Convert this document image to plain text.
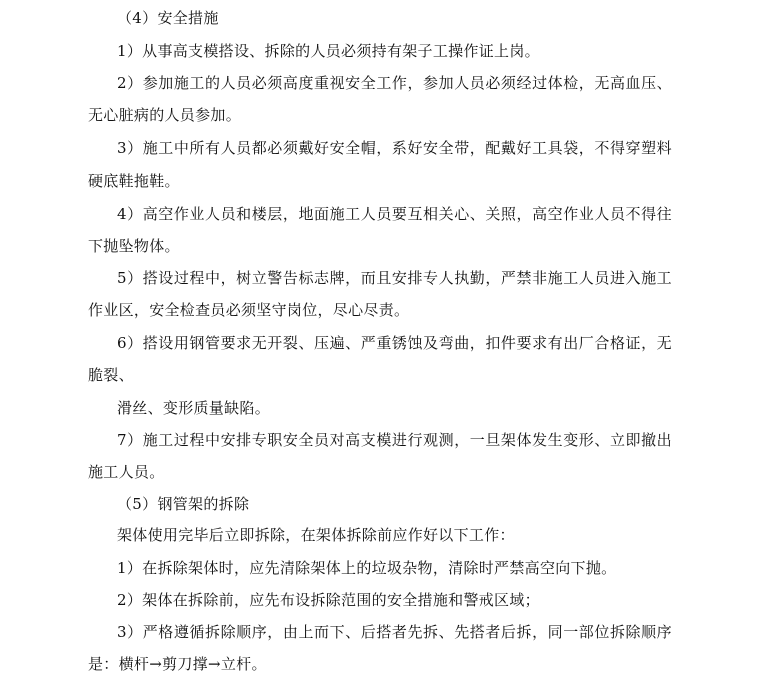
（4）安全措施
1）从事高支模搭设、拆除的人员必须持有架子工操作证上岗。
2）参加施工的人员必须高度重视安全工作，参加人员必须经过体检，无高血压、
无心脏病的人员参加。
3）施工中所有人员都必须戴好安全帽，系好安全带，配戴好工具袋，不得穿塑料
硬底鞋拖鞋。
4）高空作业人员和楼层，地面施工人员要互相关心、关照，高空作业人员不得往
下抛坠物体。
5）搭设过程中，树立警告标志牌，而且安排专人执勤，严禁非施工人员进入施工
作业区，安全检查员必须坚守岗位，尽心尽责。
6）搭设用钢管要求无开裂、压遍、严重锈蚀及弯曲，扣件要求有出厂合格证，无
脆裂、
滑丝、变形质量缺陷。
7）施工过程中安排专职安全员对高支模进行观测，一旦架体发生变形、立即撤出
施工人员。
（5）钢管架的拆除
架体使用完毕后立即拆除，在架体拆除前应作好以下工作：
1）在拆除架体时，应先清除架体上的垃圾杂物，清除时严禁高空向下抛。
2）架体在拆除前，应先布设拆除范围的安全措施和警戒区域；
3）严格遵循拆除顺序，由上而下、后搭者先拆、先搭者后拆，同一部位拆除顺序
是：横杆→剪刀撑→立杆。
